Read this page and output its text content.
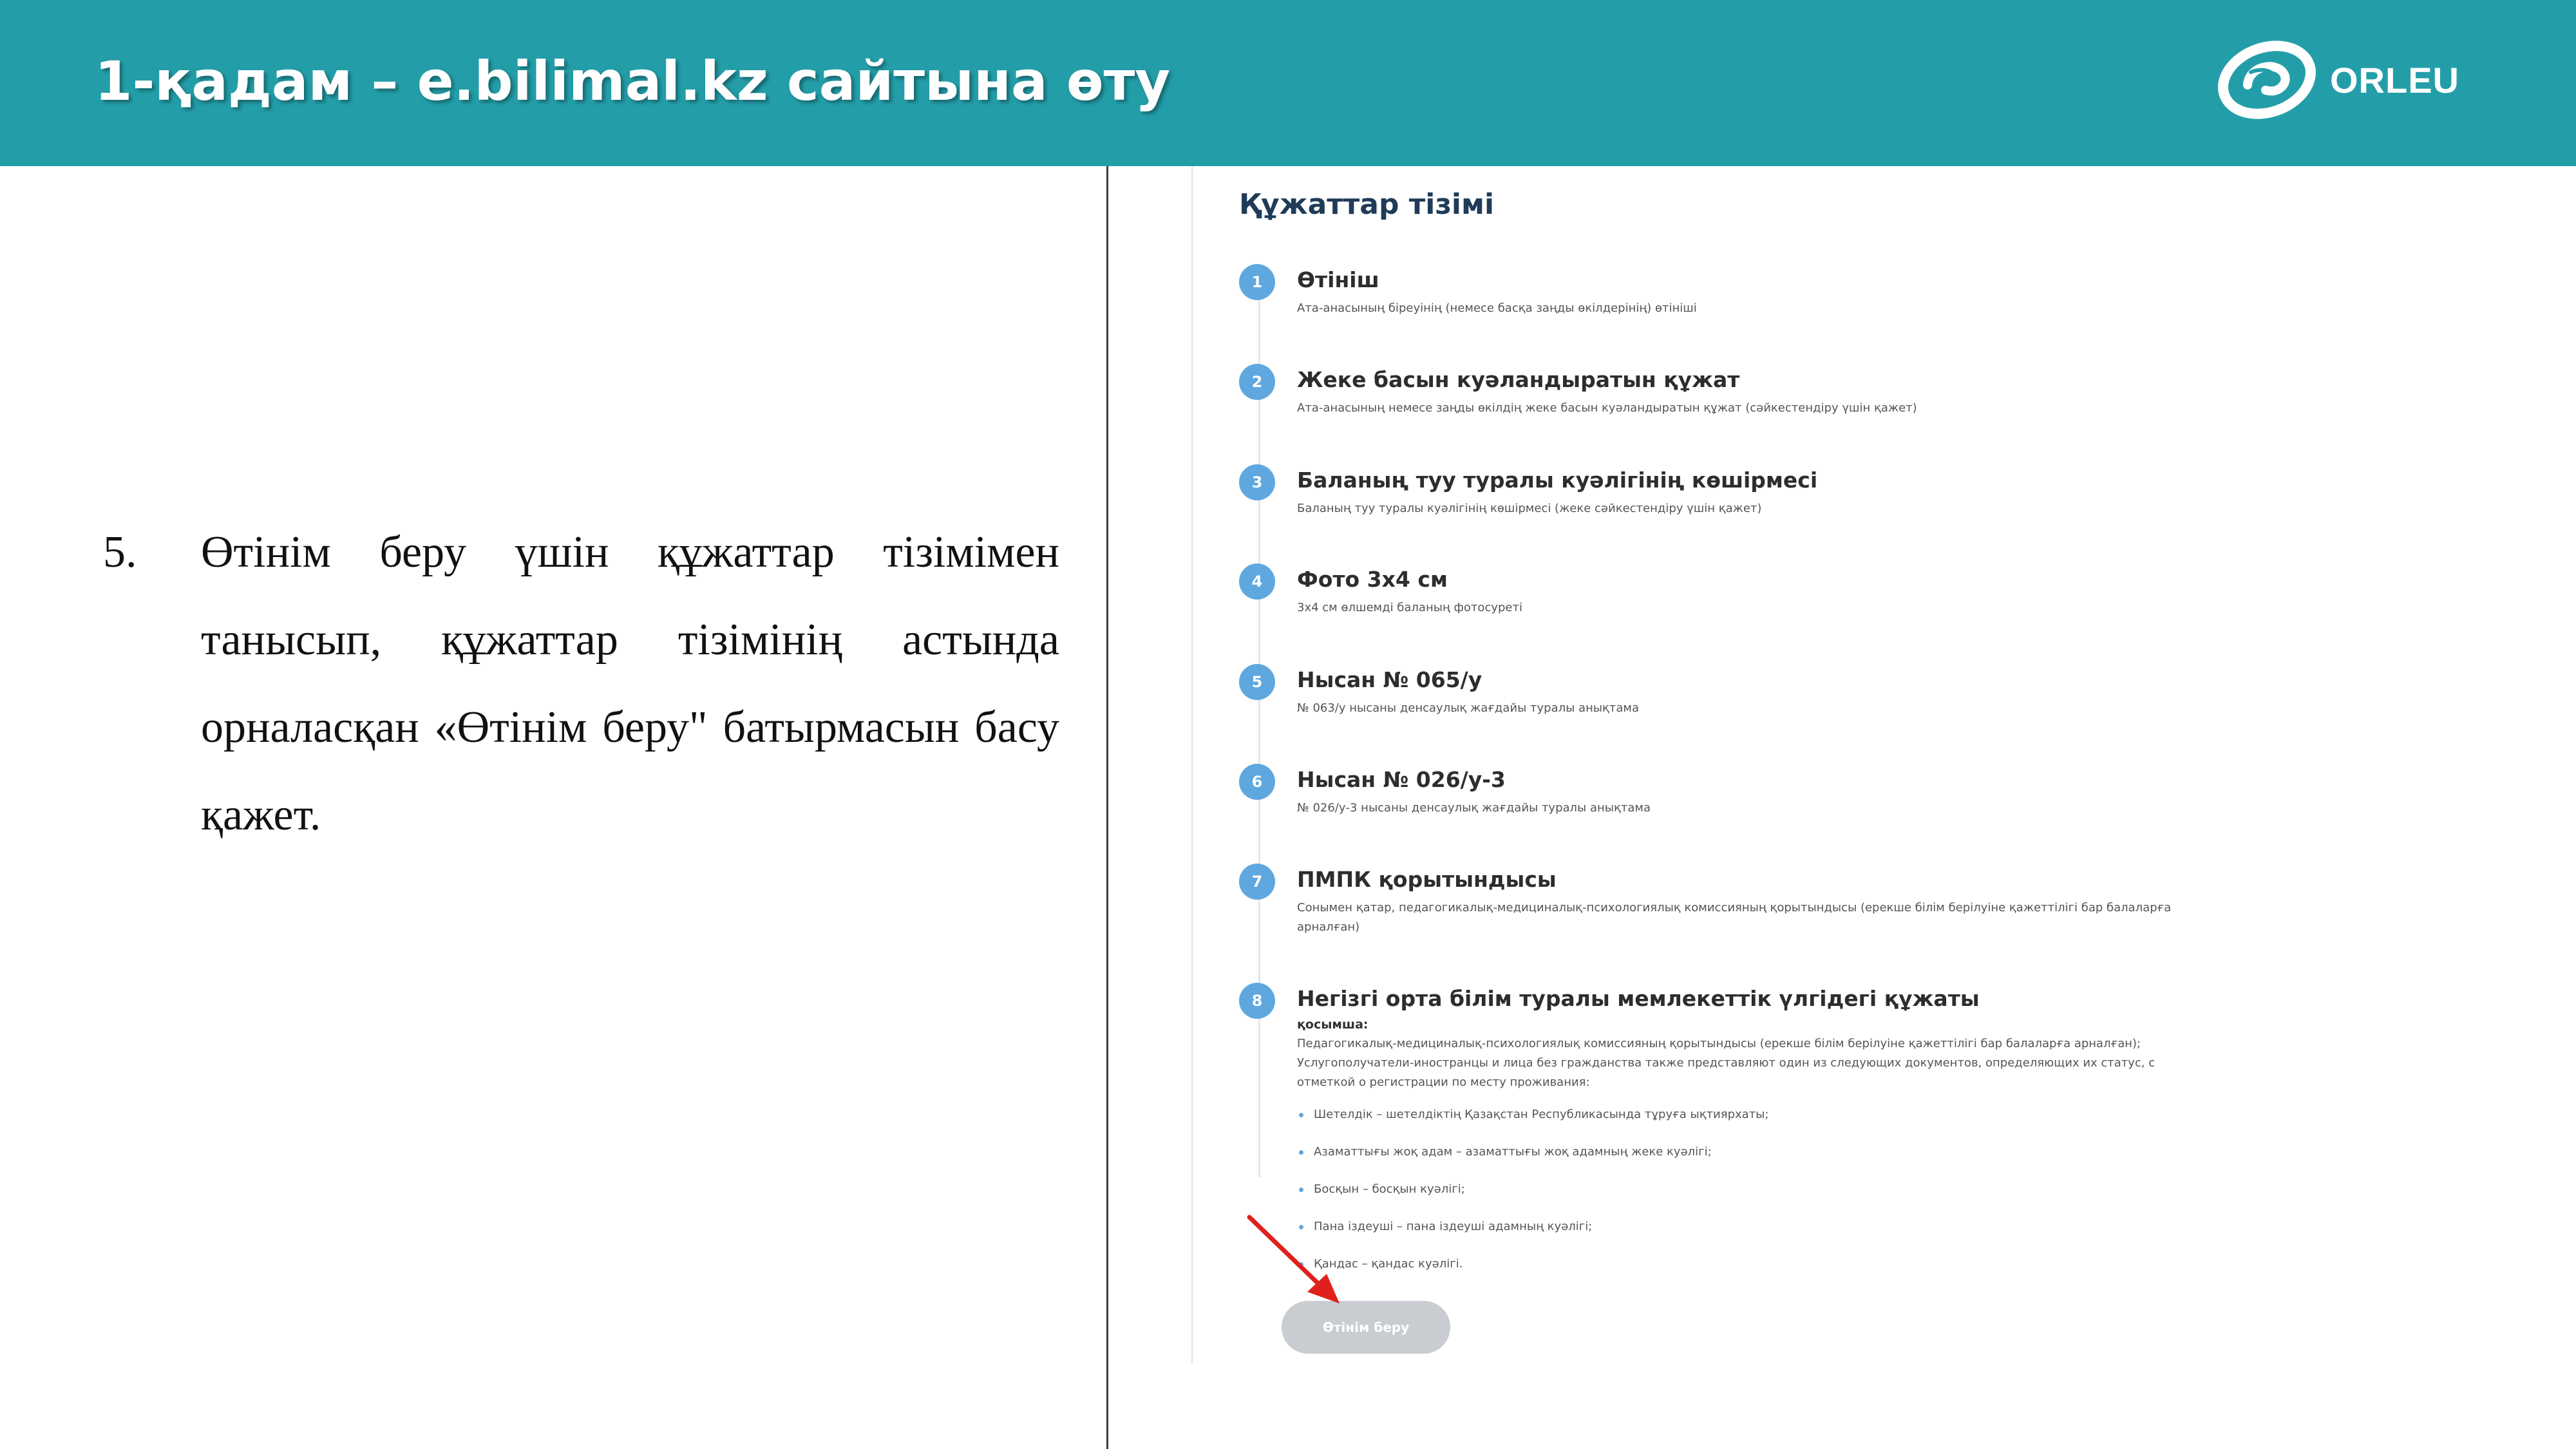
1-қадам – e.bilimal.kz сайтына өту	ORLEU
5. Өтінім беру үшін құжаттар тізімімен танысып, құжаттар тізімінің астында орналасқан «Өтінім беру" батырмасын басу қажет.
Құжаттар тізімі
1	Өтініш
Ата-анасының біреуінің (немесе басқа заңды өкілдерінің) өтініші
2	Жеке басын куәландыратын құжат
Ата-анасының немесе заңды өкілдің жеке басын куәландыратын құжат (сәйкестендіру үшін қажет)
3	Баланың туу туралы куәлігінің көшірмесі
Баланың туу туралы куәлігінің көшірмесі (жеке сәйкестендіру үшін қажет)
4	Фото 3х4 см
3х4 см өлшемді баланың фотосуреті
5	Нысан № 065/у
№ 063/у нысаны денсаулық жағдайы туралы анықтама
6	Нысан № 026/у-3
№ 026/у-3 нысаны денсаулық жағдайы туралы анықтама
7	ПМПК қорытындысы
Сонымен қатар, педагогикалық-медициналық-психологиялық комиссияның қорытындысы (ерекше білім берілуіне қажеттілігі бар балаларға арналған)
8	Негізгі орта білім туралы мемлекеттік үлгідегі құжаты
қосымша:
Педагогикалық-медициналық-психологиялық комиссияның қорытындысы (ерекше білім берілуіне қажеттілігі бар балаларға арналған);
Услугополучатели-иностранцы и лица без гражданства также представляют один из следующих документов, определяющих их статус, с отметкой о регистрации по месту проживания:
Шетелдік – шетелдіктің Қазақстан Республикасында тұруға ықтиярхаты;
Азаматтығы жоқ адам – азаматтығы жоқ адамның жеке куәлігі;
Босқын – босқын куәлігі;
Пана іздеуші – пана іздеуші адамның куәлігі;
Қандас – қандас куәлігі.
Өтінім беру
